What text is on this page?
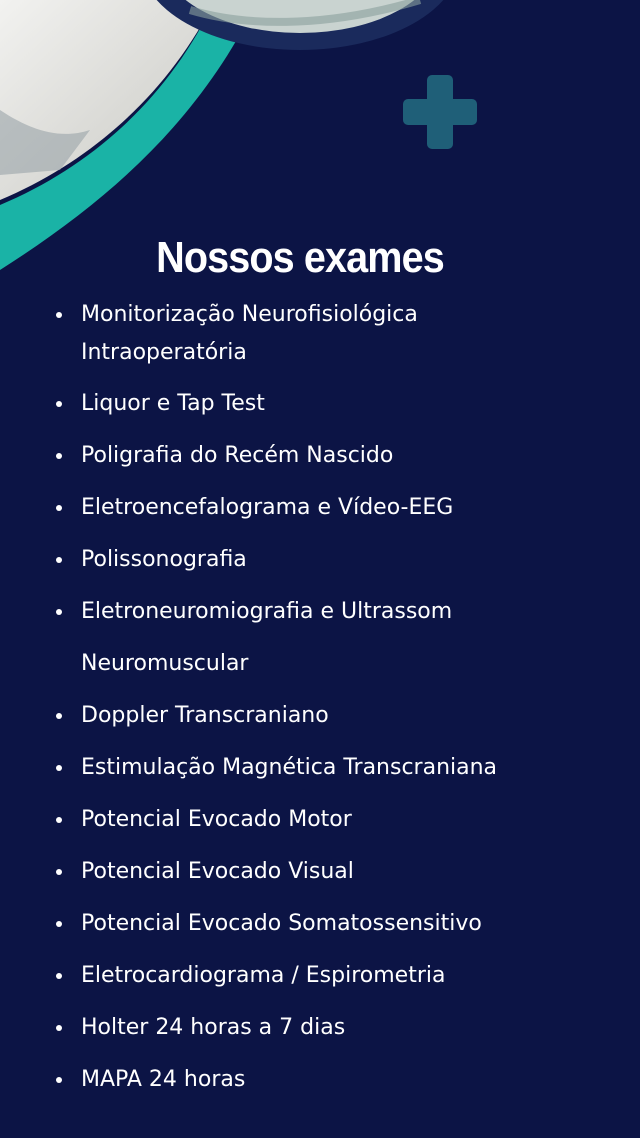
Nossos exames
Monitorização Neurofisiológica
Intraoperatória
Liquor e Tap Test
Poligrafia do Recém Nascido
Eletroencefalograma e Vídeo-EEG
Polissonografia
Eletroneuromiografia e Ultrassom
Neuromuscular
Doppler Transcraniano
Estimulação Magnética Transcraniana
Potencial Evocado Motor
Potencial Evocado Visual
Potencial Evocado Somatossensitivo
Eletrocardiograma / Espirometria
Holter 24 horas a 7 dias
MAPA 24 horas
